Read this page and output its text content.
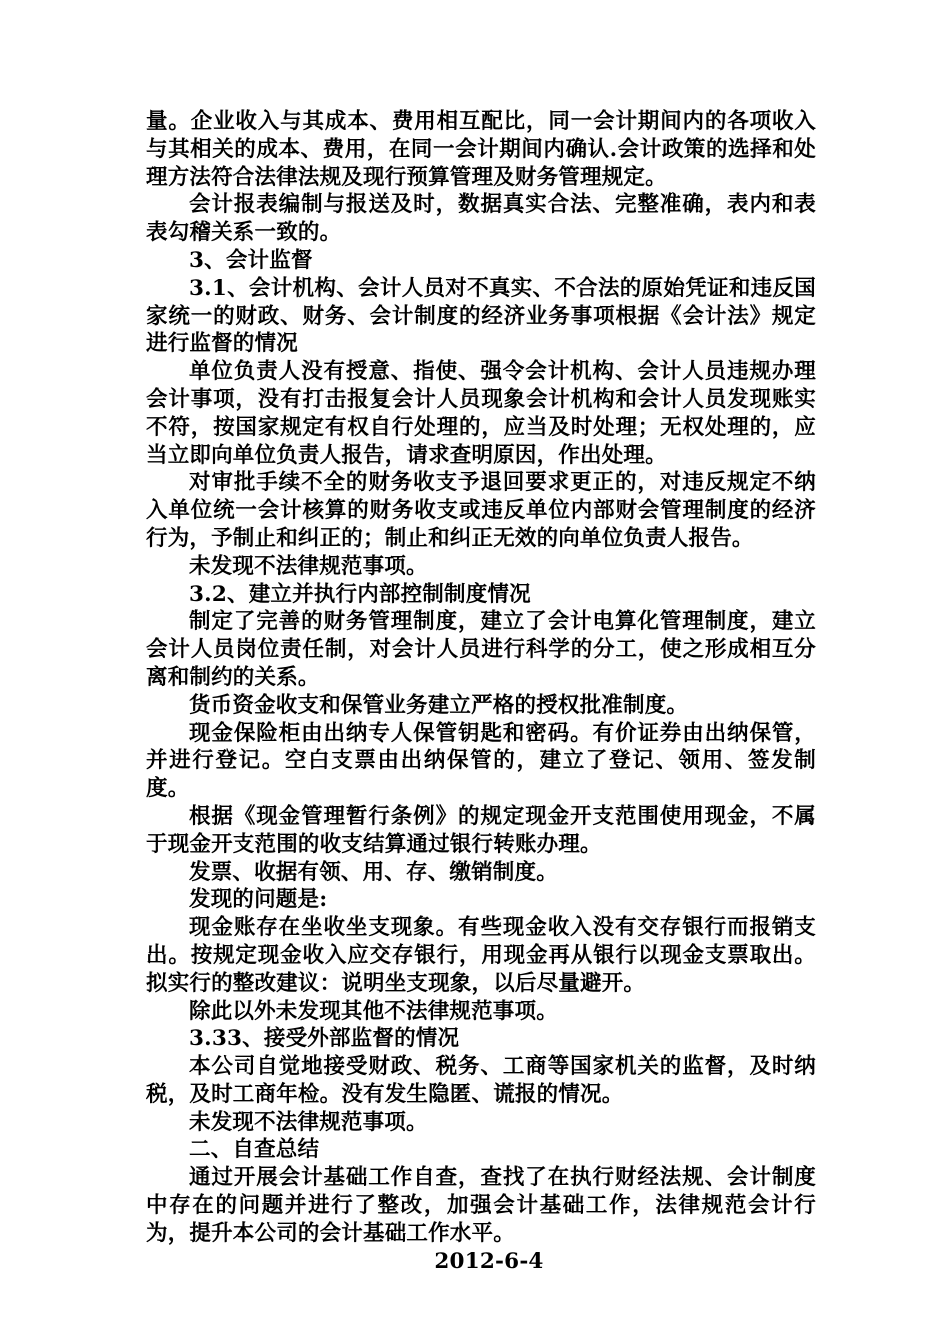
量。企业收入与其成本、费用相互配比，同一会计期间内的各项收入与其相关的成本、费用，在同一会计期间内确认.会计政策的选择和处理方法符合法律法规及现行预算管理及财务管理规定。

会计报表编制与报送及时，数据真实合法、完整准确，表内和表表勾稽关系一致的。

3、会计监督

3.1、会计机构、会计人员对不真实、不合法的原始凭证和违反国家统一的财政、财务、会计制度的经济业务事项根据《会计法》规定进行监督的情况

单位负责人没有授意、指使、强令会计机构、会计人员违规办理会计事项，没有打击报复会计人员现象会计机构和会计人员发现账实不符，按国家规定有权自行处理的，应当及时处理；无权处理的，应当立即向单位负责人报告，请求查明原因，作出处理。

对审批手续不全的财务收支予退回要求更正的，对违反规定不纳入单位统一会计核算的财务收支或违反单位内部财会管理制度的经济行为，予制止和纠正的；制止和纠正无效的向单位负责人报告。

未发现不法律规范事项。

3.2、建立并执行内部控制制度情况

制定了完善的财务管理制度，建立了会计电算化管理制度，建立会计人员岗位责任制，对会计人员进行科学的分工，使之形成相互分离和制约的关系。

货币资金收支和保管业务建立严格的授权批准制度。

现金保险柜由出纳专人保管钥匙和密码。有价证券由出纳保管，并进行登记。空白支票由出纳保管的，建立了登记、领用、签发制度。

根据《现金管理暂行条例》的规定现金开支范围使用现金，不属于现金开支范围的收支结算通过银行转账办理。

发票、收据有领、用、存、缴销制度。

发现的问题是:

现金账存在坐收坐支现象。有些现金收入没有交存银行而报销支出。按规定现金收入应交存银行，用现金再从银行以现金支票取出。拟实行的整改建议：说明坐支现象，以后尽量避开。

除此以外未发现其他不法律规范事项。

3.33、接受外部监督的情况

本公司自觉地接受财政、税务、工商等国家机关的监督，及时纳税，及时工商年检。没有发生隐匿、谎报的情况。

未发现不法律规范事项。

二、自查总结

通过开展会计基础工作自查，查找了在执行财经法规、会计制度中存在的问题并进行了整改，加强会计基础工作，法律规范会计行为，提升本公司的会计基础工作水平。

2012-6-4
